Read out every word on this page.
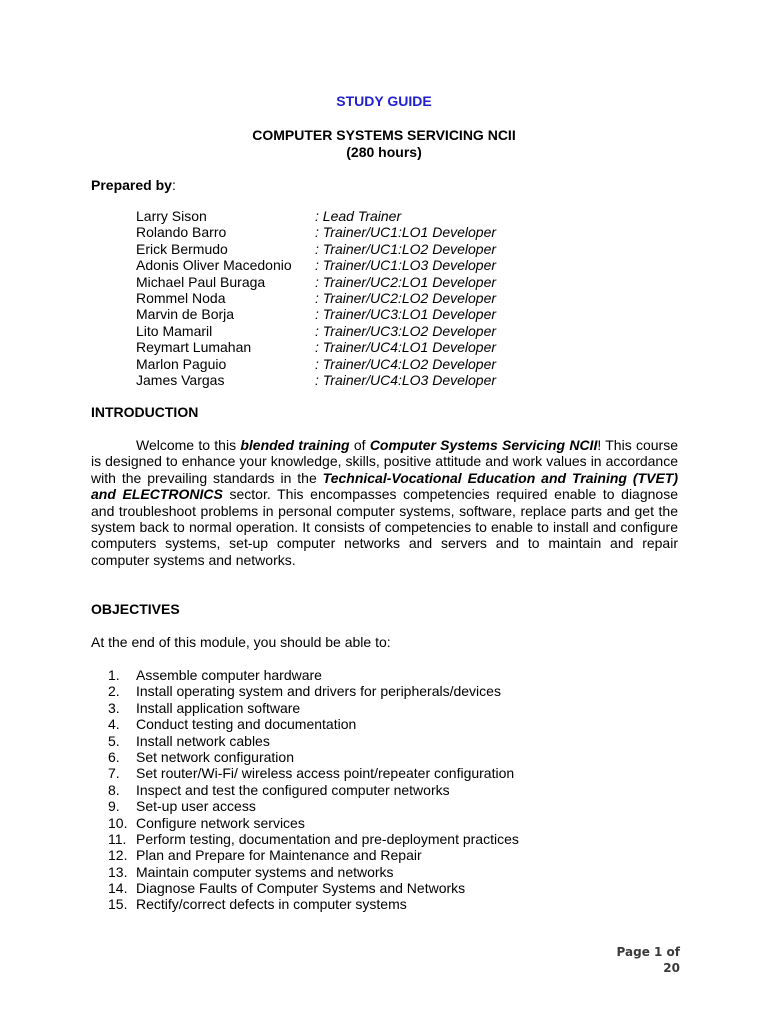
STUDY GUIDE
COMPUTER SYSTEMS SERVICING NCII
(280 hours)
Prepared by:
Larry Sison	: Lead Trainer
Rolando Barro	: Trainer/UC1:LO1 Developer
Erick Bermudo	: Trainer/UC1:LO2 Developer
Adonis Oliver Macedonio	: Trainer/UC1:LO3 Developer
Michael Paul Buraga	: Trainer/UC2:LO1 Developer
Rommel Noda	: Trainer/UC2:LO2 Developer
Marvin de Borja	: Trainer/UC3:LO1 Developer
Lito Mamaril	: Trainer/UC3:LO2 Developer
Reymart Lumahan	: Trainer/UC4:LO1 Developer
Marlon Paguio	: Trainer/UC4:LO2 Developer
James Vargas	: Trainer/UC4:LO3 Developer
INTRODUCTION
Welcome to this blended training of Computer Systems Servicing NCII! This course is designed to enhance your knowledge, skills, positive attitude and work values in accordance with the prevailing standards in the Technical-Vocational Education and Training (TVET) and ELECTRONICS sector. This encompasses competencies required enable to diagnose and troubleshoot problems in personal computer systems, software, replace parts and get the system back to normal operation. It consists of competencies to enable to install and configure computers systems, set-up computer networks and servers and to maintain and repair computer systems and networks.
OBJECTIVES
At the end of this module, you should be able to:
1.	Assemble computer hardware
2.	Install operating system and drivers for peripherals/devices
3.	Install application software
4.	Conduct testing and documentation
5.	Install network cables
6.	Set network configuration
7.	Set router/Wi-Fi/ wireless access point/repeater configuration
8.	Inspect and test the configured computer networks
9.	Set-up user access
10. Configure network services
11. Perform testing, documentation and pre-deployment practices
12. Plan and Prepare for Maintenance and Repair
13. Maintain computer systems and networks
14. Diagnose Faults of Computer Systems and Networks
15. Rectify/correct defects in computer systems
Page 1 of 20
